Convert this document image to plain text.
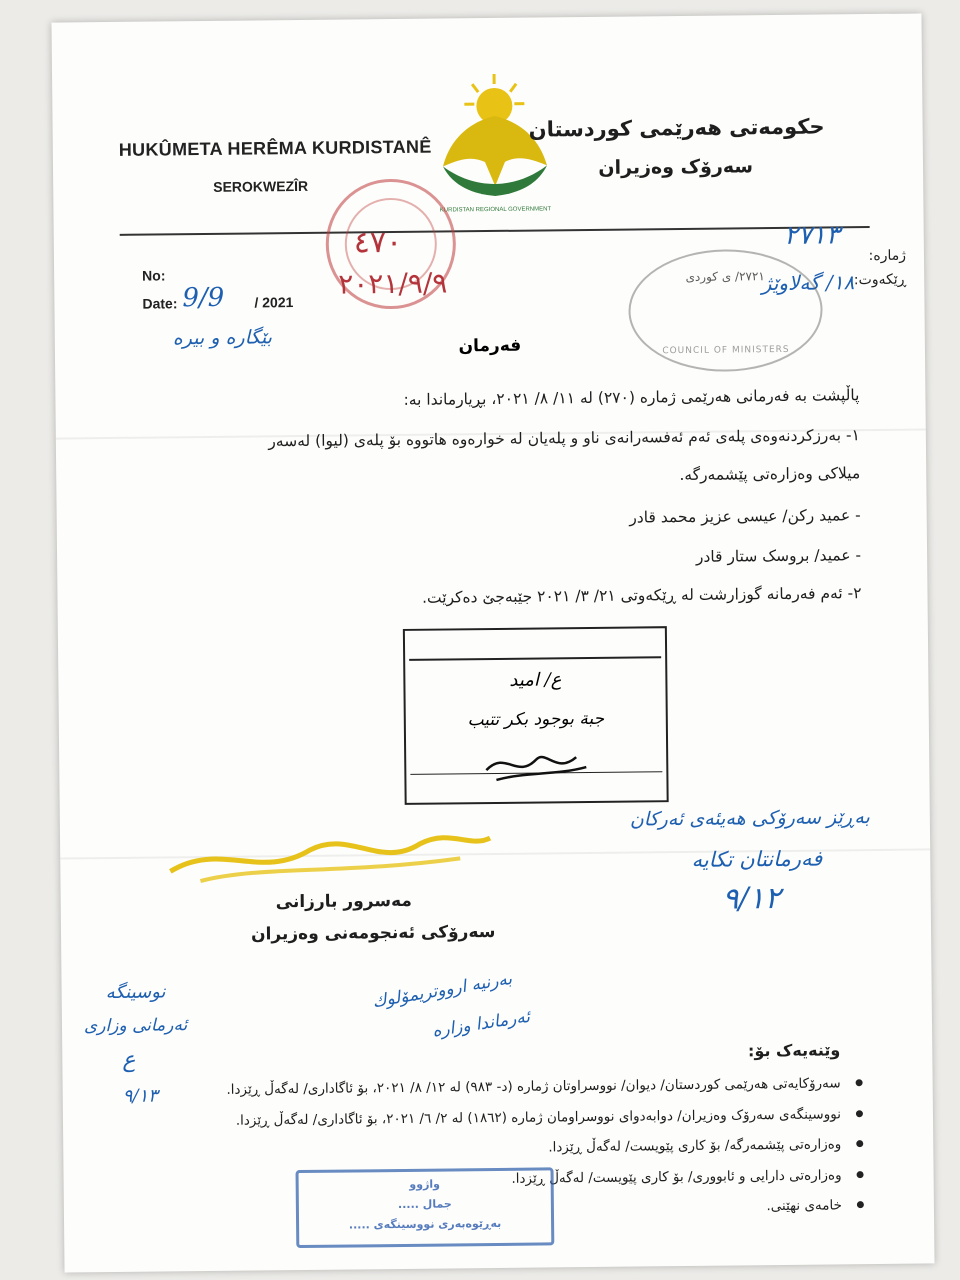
KURDISTAN REGIONAL GOVERNMENT
HUKÛMETA HERÊMA KURDISTANÊ
SEROKWEZÎR
حکومەتی هەرێمی کوردستان
سەرۆک وەزیران
No:
Date: 9/9 / 2021
بێگارە و بیرە
ژمارە:
ڕێکەوت:
٢٧١٣
١٨/ گەلاوێژ
٤٧٠
٢٠٢١/٩/٩	٢٧٢١/ ی کوردی
COUNCIL OF MINISTERS
فەرمان
پاڵپشت بە فەرمانی هەرێمی ژمارە (٢٧٠) لە ١١/ ٨/ ٢٠٢١، بڕیارماندا بە:
١- بەرزکردنەوەی پلەی ئەم ئەفسەرانەی ناو و پلەیان لە خوارەوە هاتووە بۆ پلەی (لیوا) لەسەر
میلاکی وەزارەتی پێشمەرگە.
- عمید رکن/ عیسی عزیز محمد قادر
- عمید/ بروسک ستار قادر
٢- ئەم فەرمانە گوزارشت لە ڕێکەوتی ٢١/ ٣/ ٢٠٢١ جێبەجێ دەکرێت.
ع/ امید
جبة بوجود بكر تتيب
مەسرور بارزانی
سەرۆکی ئەنجومەنی وەزیران
بەڕێز سەرۆکی هەیئەی ئەرکان
فەرمانتان تکایە
٩/١٢
نوسینگە
ئەرمانی وزاری
ع
٩/١٣
بەرنیە ارووتریمۆلوك
ئەرماندا وزارە
وێنەیەک بۆ:
سەرۆکایەتی هەرێمی کوردستان/ دیوان/ نووسراوتان ژمارە (د- ٩٨٣) لە ١٢/ ٨/ ٢٠٢١، بۆ ئاگاداری/ لەگەڵ ڕێزدا.
نووسینگەی سەرۆک وەزیران/ دوابەدوای نووسراومان ژمارە (١٨٦٢) لە ٢/ ٦/ ٢٠٢١، بۆ ئاگاداری/ لەگەڵ ڕێزدا.
وەزارەتی پێشمەرگە/ بۆ کاری پێویست/ لەگەڵ ڕێزدا.
وەزارەتی دارایی و ئابووری/ بۆ کاری پێویست/ لەگەڵ ڕێزدا.
خامەی نهێنی.
واژوو
جمال .....
بەڕێوەبەری نووسینگەی .....
